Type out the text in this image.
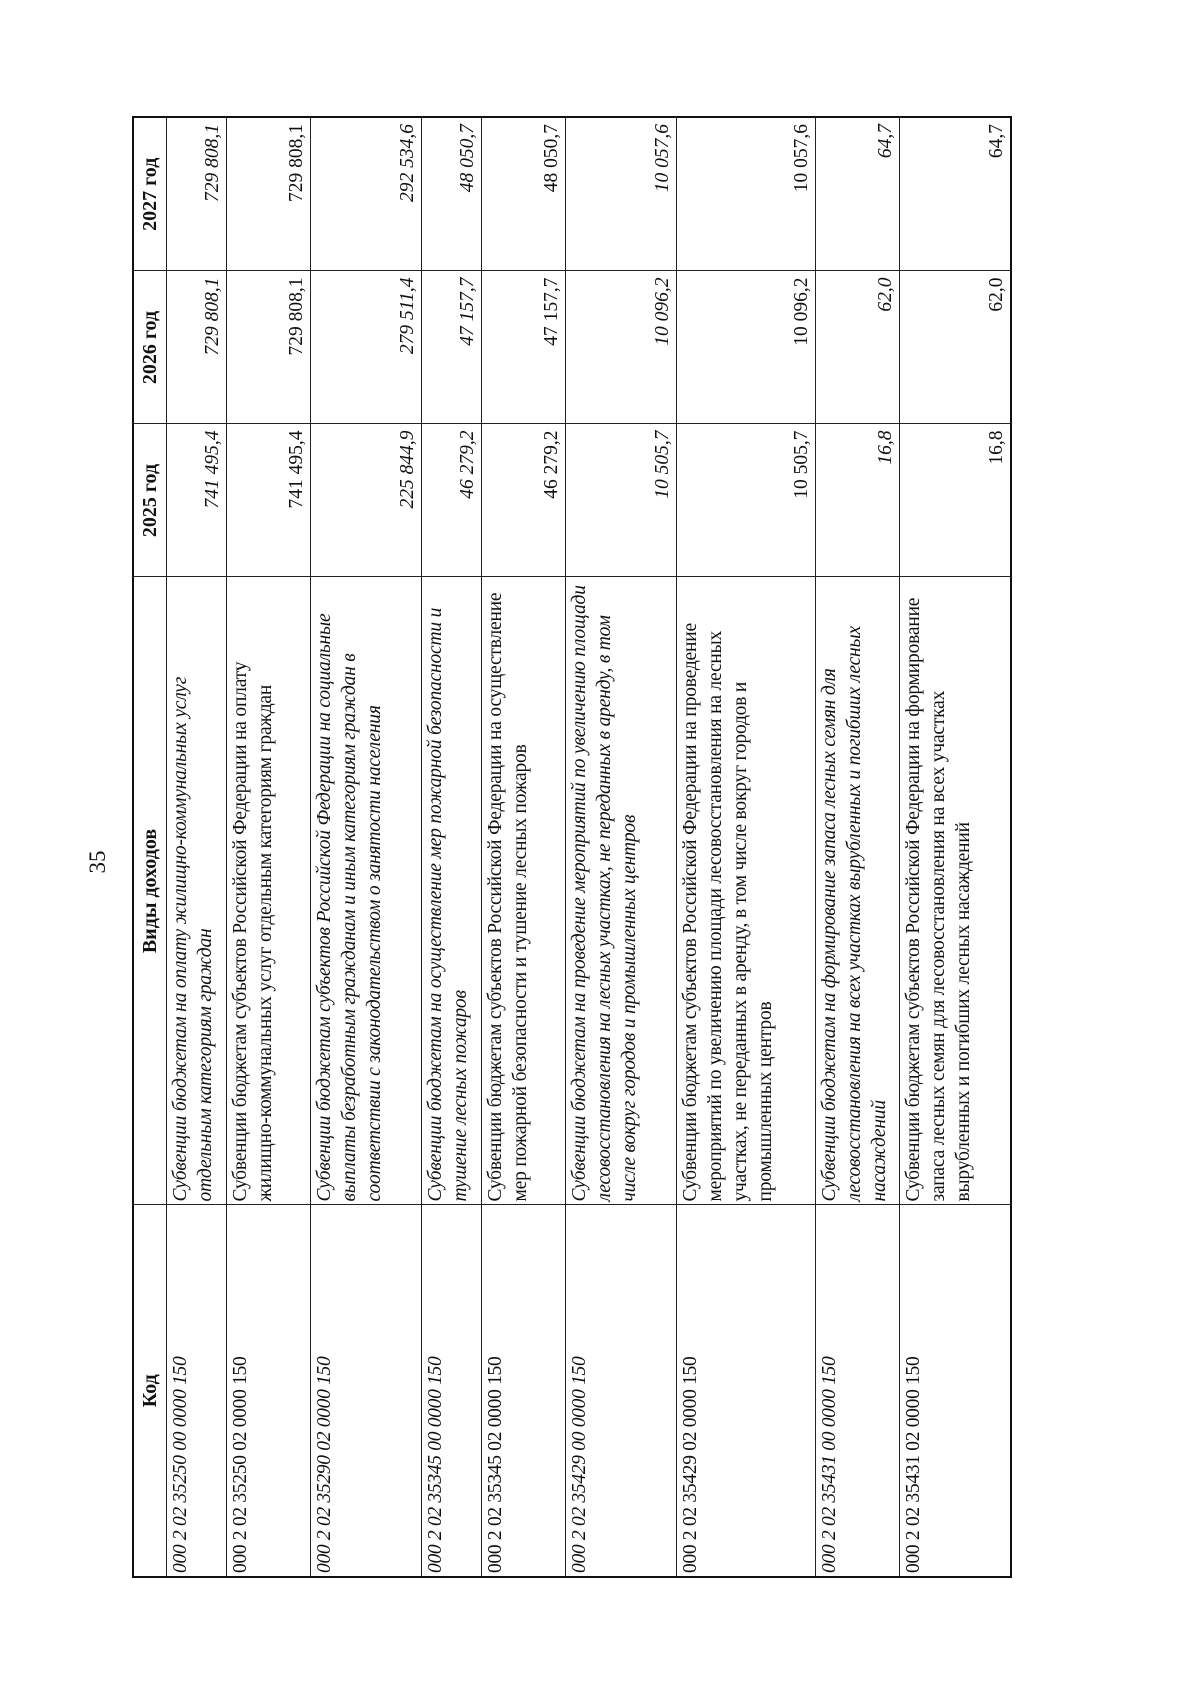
35
Код	Виды доходов	2025 год	2026 год	2027 год
000 2 02 35250 00 0000 150	Субвенции бюджетам на оплату жилищно-коммунальных услуг отдельным категориям граждан	741 495,4	729 808,1	729 808,1
000 2 02 35250 02 0000 150	Субвенции бюджетам субъектов Российской Федерации на оплату жилищно-коммунальных услуг отдельным категориям граждан	741 495,4	729 808,1	729 808,1
000 2 02 35290 02 0000 150	Субвенции бюджетам субъектов Российской Федерации на социальные выплаты безработным гражданам и иным категориям граждан в соответствии с законодательством о занятости населения	225 844,9	279 511,4	292 534,6
000 2 02 35345 00 0000 150	Субвенции бюджетам на осуществление мер пожарной безопасности и тушение лесных пожаров	46 279,2	47 157,7	48 050,7
000 2 02 35345 02 0000 150	Субвенции бюджетам субъектов Российской Федерации на осуществление мер пожарной безопасности и тушение лесных пожаров	46 279,2	47 157,7	48 050,7
000 2 02 35429 00 0000 150	Субвенции бюджетам на проведение мероприятий по увеличению площади лесовосстановления на лесных участках, не переданных в аренду, в том числе вокруг городов и промышленных центров	10 505,7	10 096,2	10 057,6
000 2 02 35429 02 0000 150	Субвенции бюджетам субъектов Российской Федерации на проведение мероприятий по увеличению площади лесовосстановления на лесных участках, не переданных в аренду, в том числе вокруг городов и промышленных центров	10 505,7	10 096,2	10 057,6
000 2 02 35431 00 0000 150	Субвенции бюджетам на формирование запаса лесных семян для лесовосстановления на всех участках вырубленных и погибших лесных насаждений	16,8	62,0	64,7
000 2 02 35431 02 0000 150	Субвенции бюджетам субъектов Российской Федерации на формирование запаса лесных семян для лесовосстановления на всех участках вырубленных и погибших лесных насаждений	16,8	62,0	64,7
